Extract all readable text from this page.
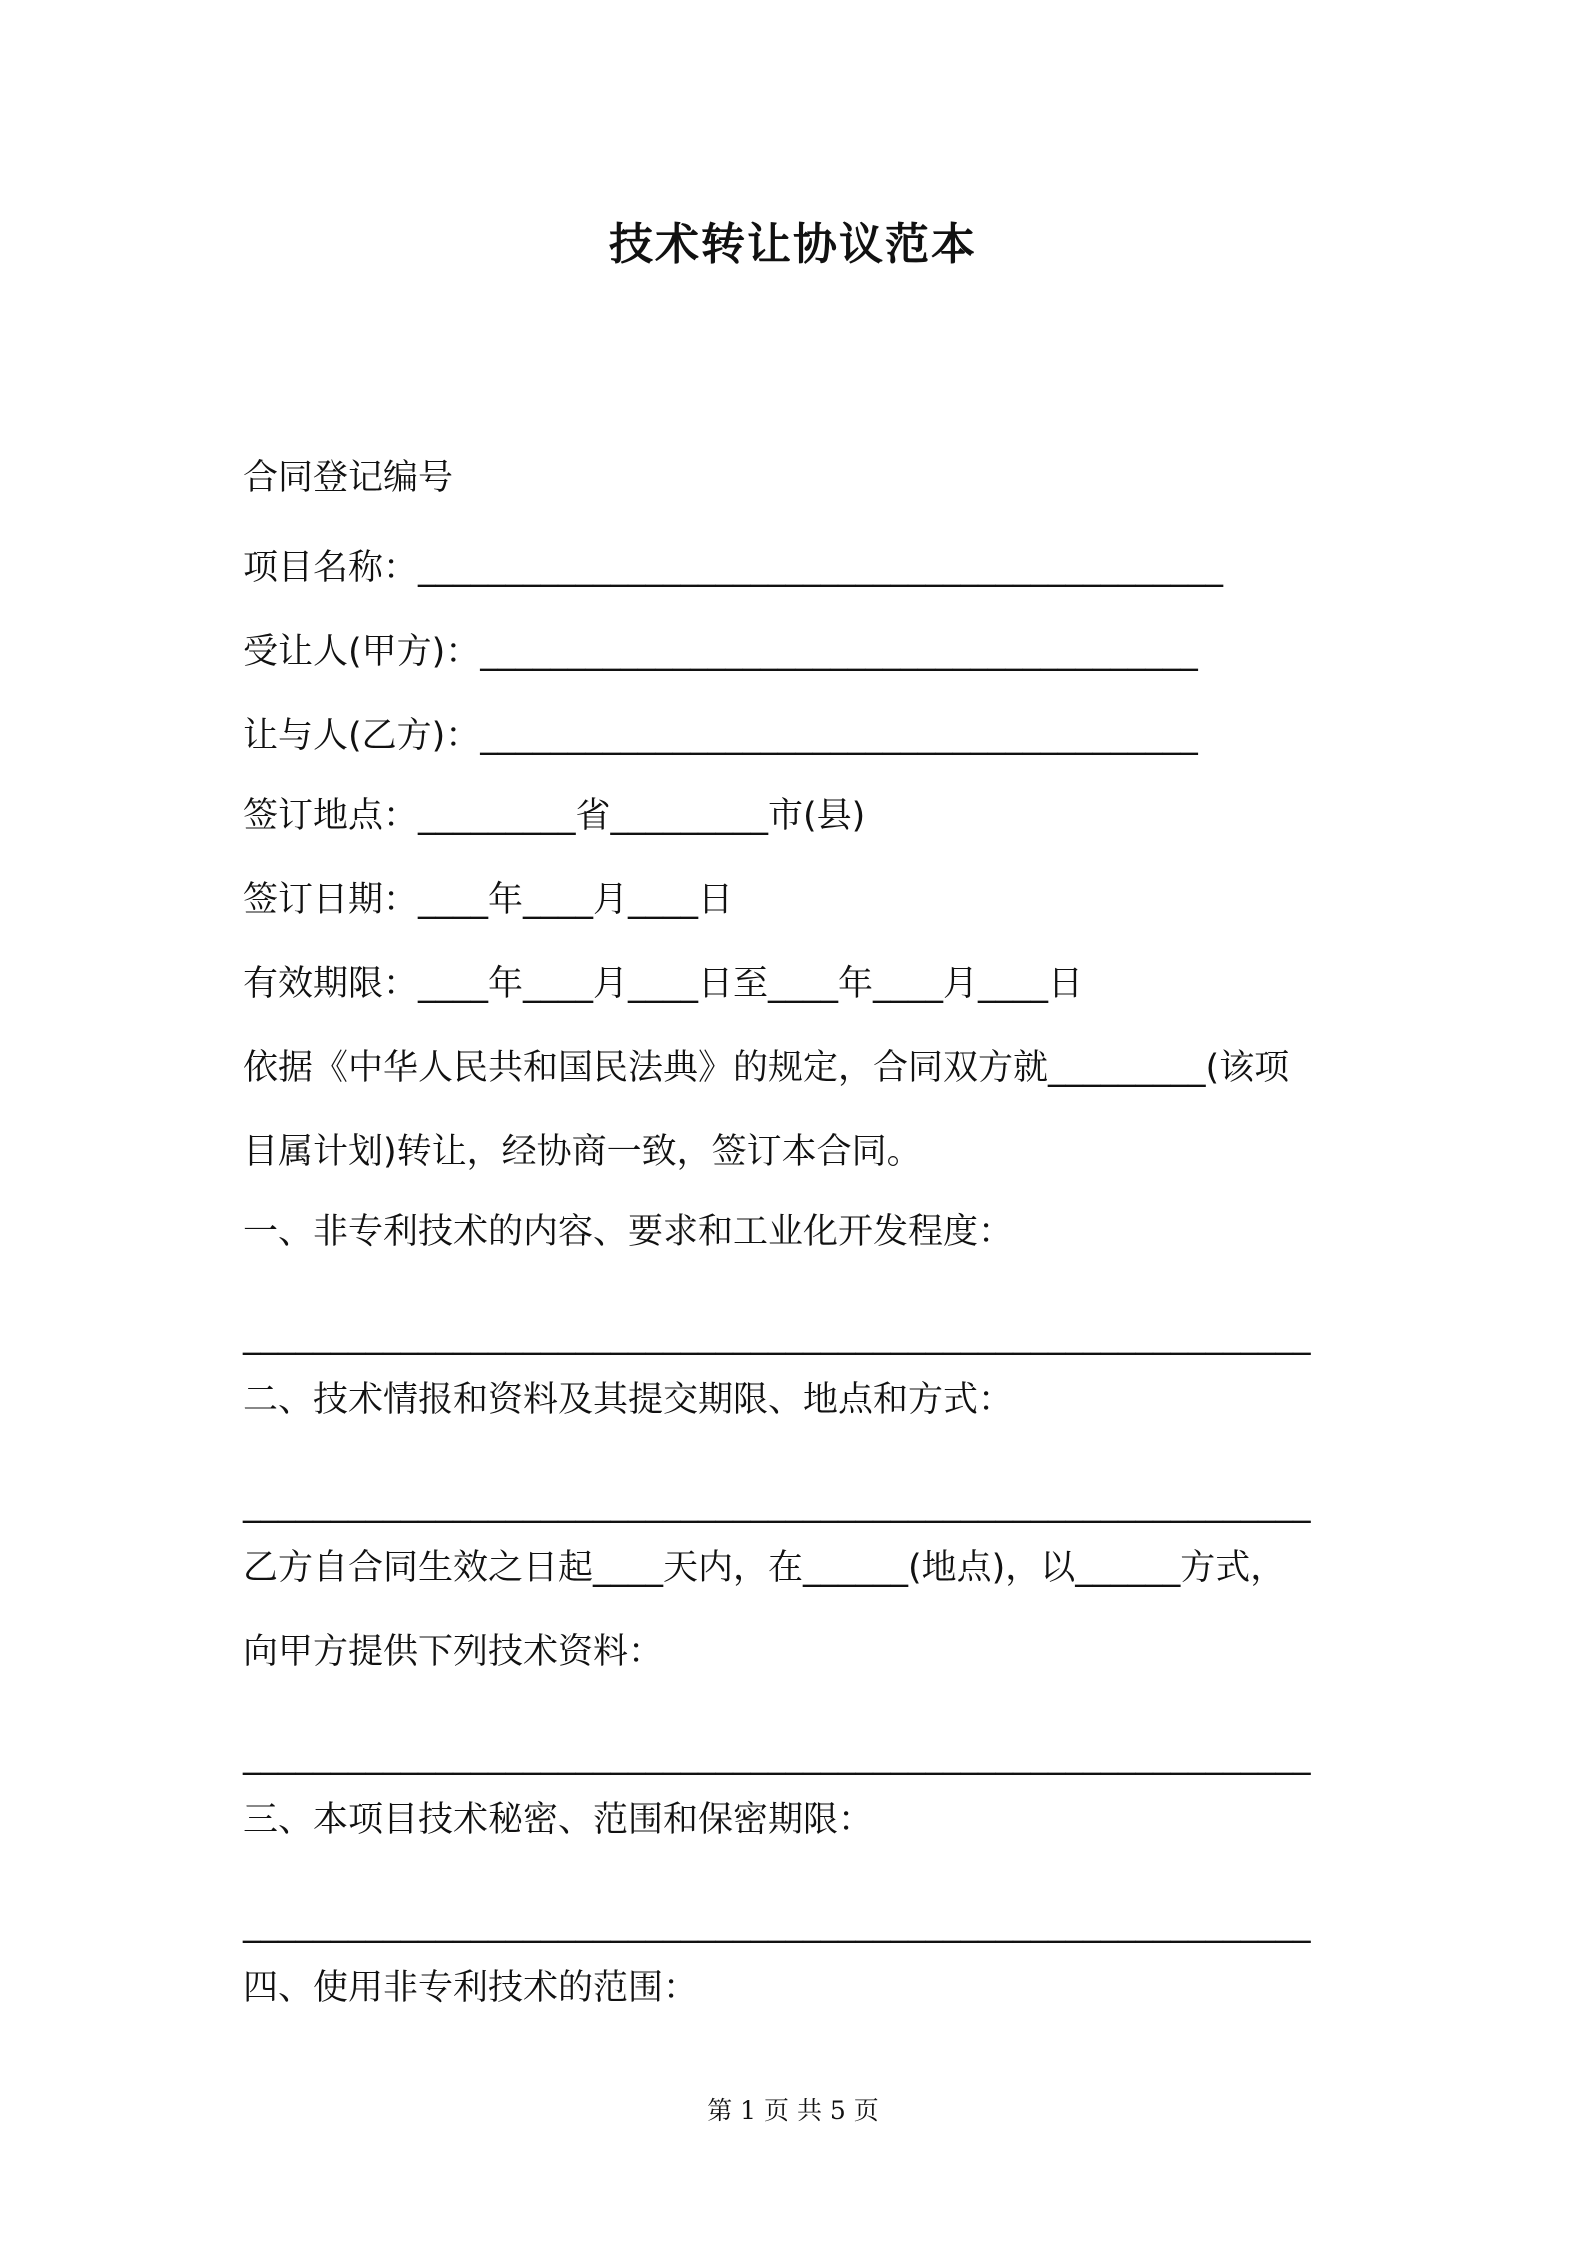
技术转让协议范本
合同登记编号
项目名称：______________________________________________
受让人(甲方)：_________________________________________
让与人(乙方)：_________________________________________
签订地点：_________省_________市(县)
签订日期：____年____月____日
有效期限：____年____月____日至____年____月____日
依据《中华人民共和国民法典》的规定，合同双方就_________(该项
目属计划)转让，经协商一致，签订本合同。
一、非专利技术的内容、要求和工业化开发程度：
_____________________________________________________________
二、技术情报和资料及其提交期限、地点和方式：
_____________________________________________________________
乙方自合同生效之日起____天内，在______(地点)，以______方式，
向甲方提供下列技术资料：
_____________________________________________________________
三、本项目技术秘密、范围和保密期限：
_____________________________________________________________
四、使用非专利技术的范围：
第 1 页 共 5 页
